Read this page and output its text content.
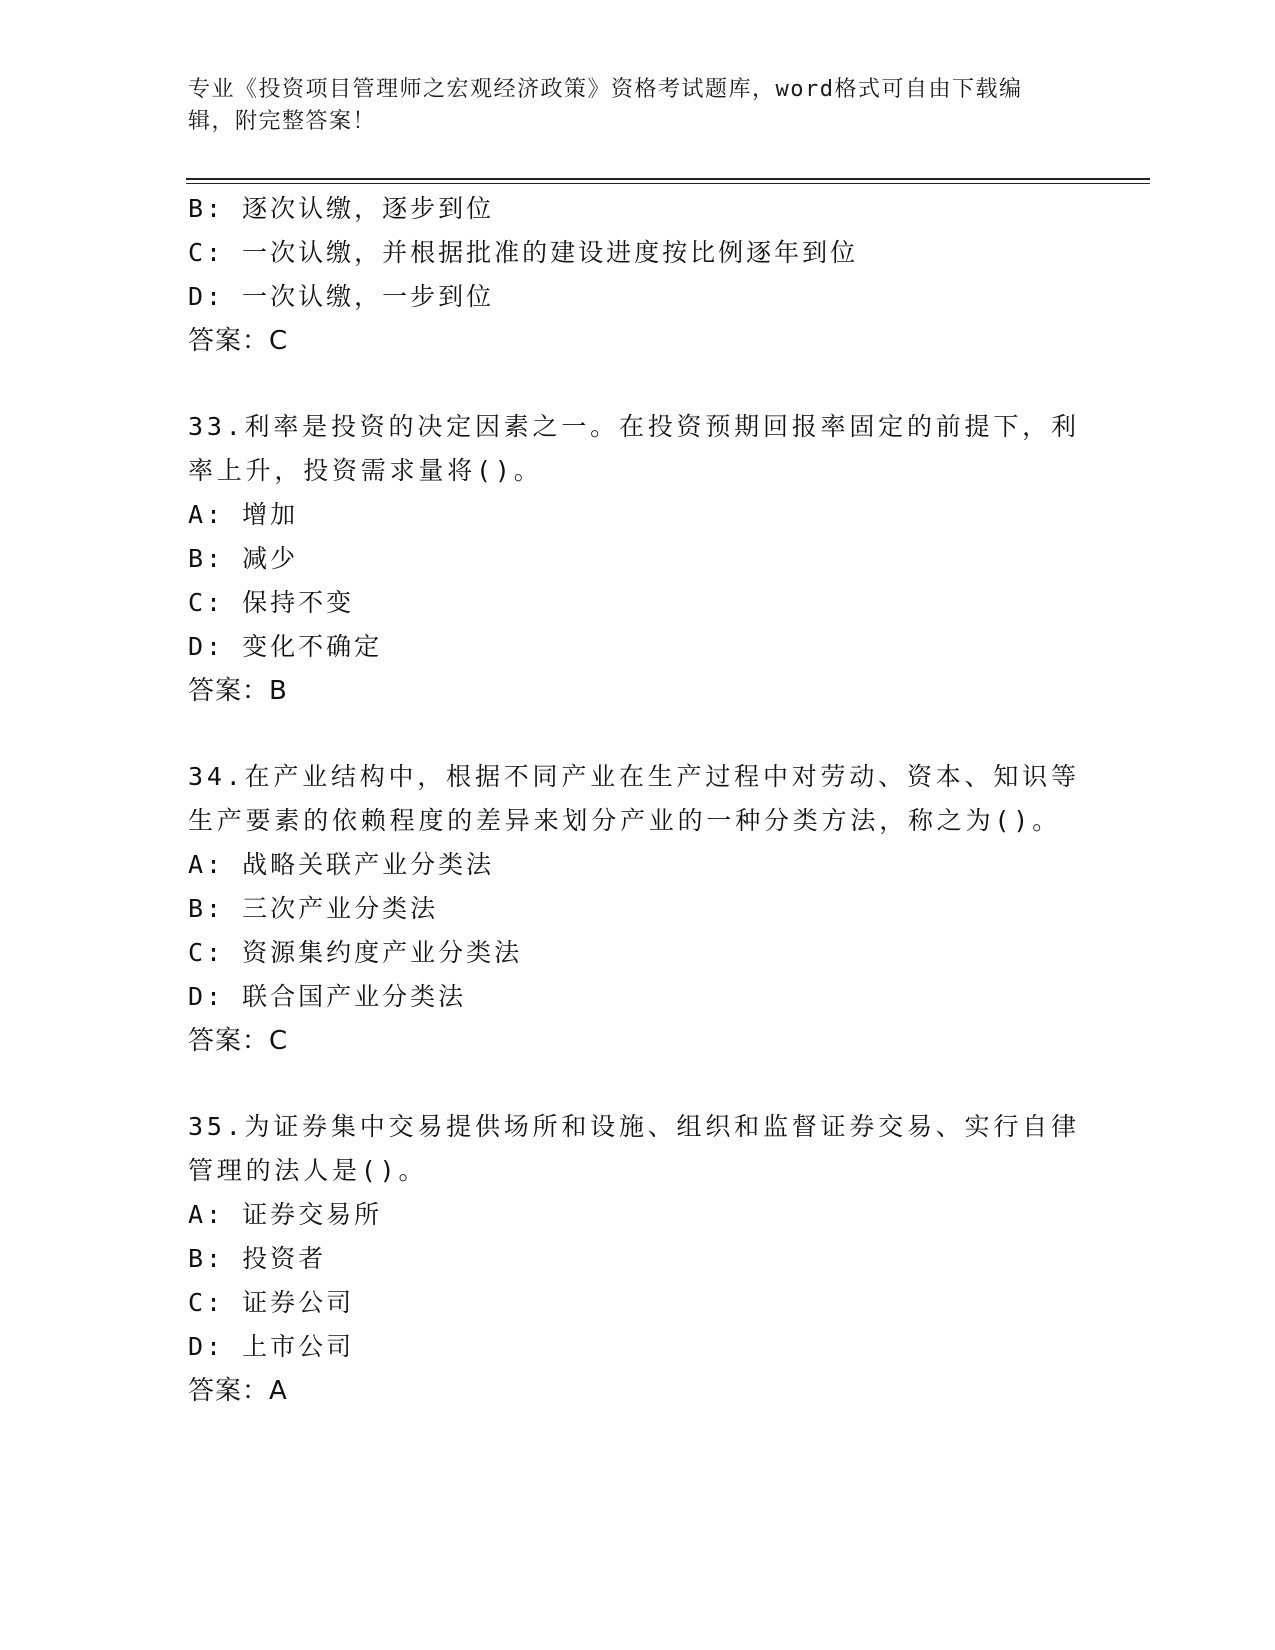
专业《投资项目管理师之宏观经济政策》资格考试题库，word格式可自由下载编
辑，附完整答案！
B: 逐次认缴，逐步到位
C: 一次认缴，并根据批准的建设进度按比例逐年到位
D: 一次认缴，一步到位
答案：C
33.利率是投资的决定因素之一。在投资预期回报率固定的前提下，利
率上升，投资需求量将()。
A: 增加
B: 减少
C: 保持不变
D: 变化不确定
答案：B
34.在产业结构中，根据不同产业在生产过程中对劳动、资本、知识等
生产要素的依赖程度的差异来划分产业的一种分类方法，称之为()。
A: 战略关联产业分类法
B: 三次产业分类法
C: 资源集约度产业分类法
D: 联合国产业分类法
答案：C
35.为证券集中交易提供场所和设施、组织和监督证券交易、实行自律
管理的法人是()。
A: 证券交易所
B: 投资者
C: 证券公司
D: 上市公司
答案：A
